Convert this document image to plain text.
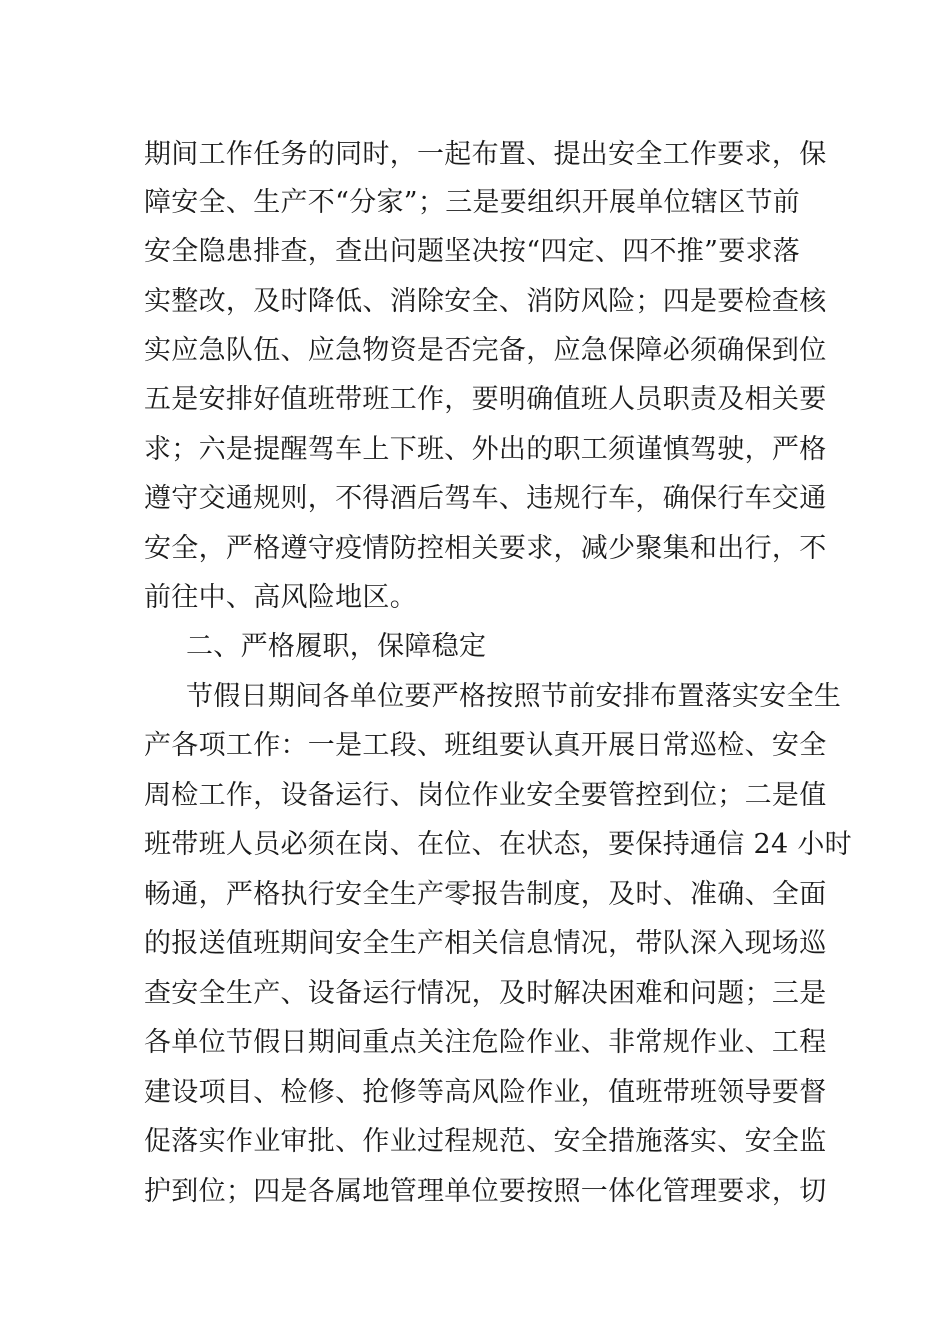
期间工作任务的同时，一起布置、提出安全工作要求，保
障安全、生产不“分家”；三是要组织开展单位辖区节前
安全隐患排查，查出问题坚决按“四定、四不推”要求落
实整改，及时降低、消除安全、消防风险；四是要检查核
实应急队伍、应急物资是否完备，应急保障必须确保到位
五是安排好值班带班工作，要明确值班人员职责及相关要
求；六是提醒驾车上下班、外出的职工须谨慎驾驶，严格
遵守交通规则，不得酒后驾车、违规行车，确保行车交通
安全，严格遵守疫情防控相关要求，减少聚集和出行，不
前往中、高风险地区。
二、严格履职，保障稳定
节假日期间各单位要严格按照节前安排布置落实安全生
产各项工作：一是工段、班组要认真开展日常巡检、安全
周检工作，设备运行、岗位作业安全要管控到位；二是值
班带班人员必须在岗、在位、在状态，要保持通信 24 小时
畅通，严格执行安全生产零报告制度，及时、准确、全面
的报送值班期间安全生产相关信息情况，带队深入现场巡
查安全生产、设备运行情况，及时解决困难和问题；三是
各单位节假日期间重点关注危险作业、非常规作业、工程
建设项目、检修、抢修等高风险作业，值班带班领导要督
促落实作业审批、作业过程规范、安全措施落实、安全监
护到位；四是各属地管理单位要按照一体化管理要求，切
